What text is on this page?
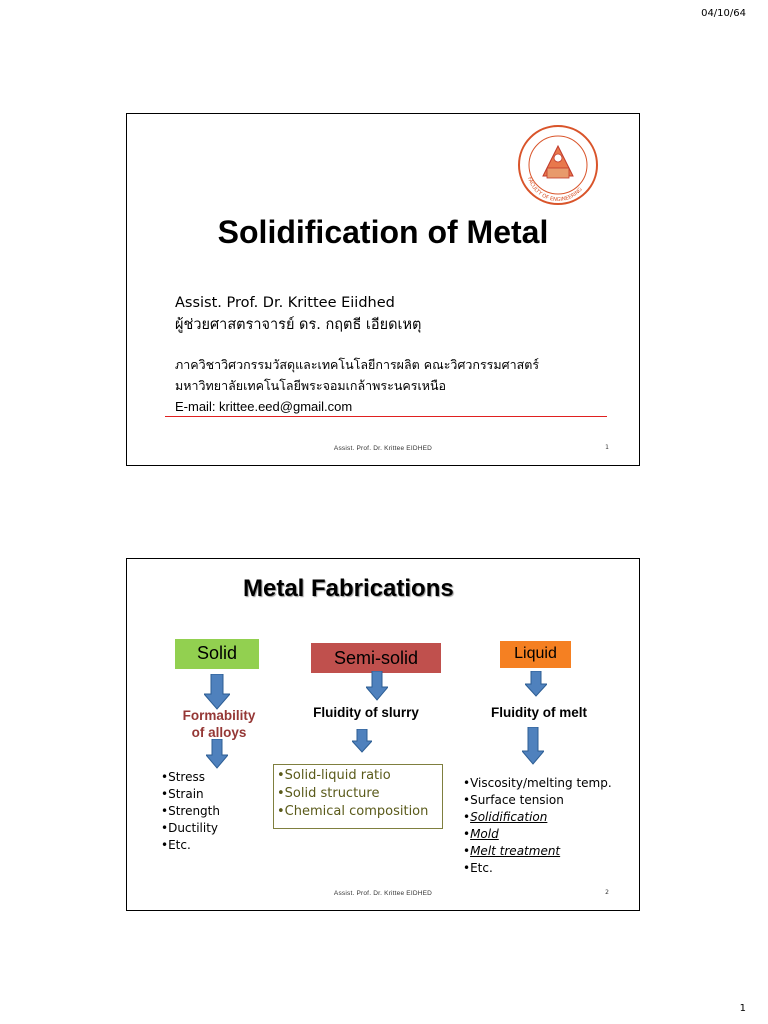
04/10/64
FACULTY OF ENGINEERING
Solidification of Metal
Assist. Prof. Dr. Krittee Eiidhed
ผู้ช่วยศาสตราจารย์ ดร. กฤตธี เอียดเหตุ
ภาควิชาวิศวกรรมวัสดุและเทคโนโลยีการผลิต คณะวิศวกรรมศาสตร์
มหาวิทยาลัยเทคโนโลยีพระจอมเกล้าพระนครเหนือ
E-mail: krittee.eed@gmail.com
Assist. Prof. Dr. Krittee EIDHED	1
Metal Fabrications
Solid	Semi-solid	Liquid
Formability
of alloys
Fluidity of slurry	Fluidity of melt
•Stress
•Strain
•Strength
•Ductility
•Etc.
•Solid-liquid ratio
•Solid structure
•Chemical composition
•Viscosity/melting temp.
•Surface tension
•Solidification
•Mold
•Melt treatment
•Etc.
Assist. Prof. Dr. Krittee EIDHED	2
1
